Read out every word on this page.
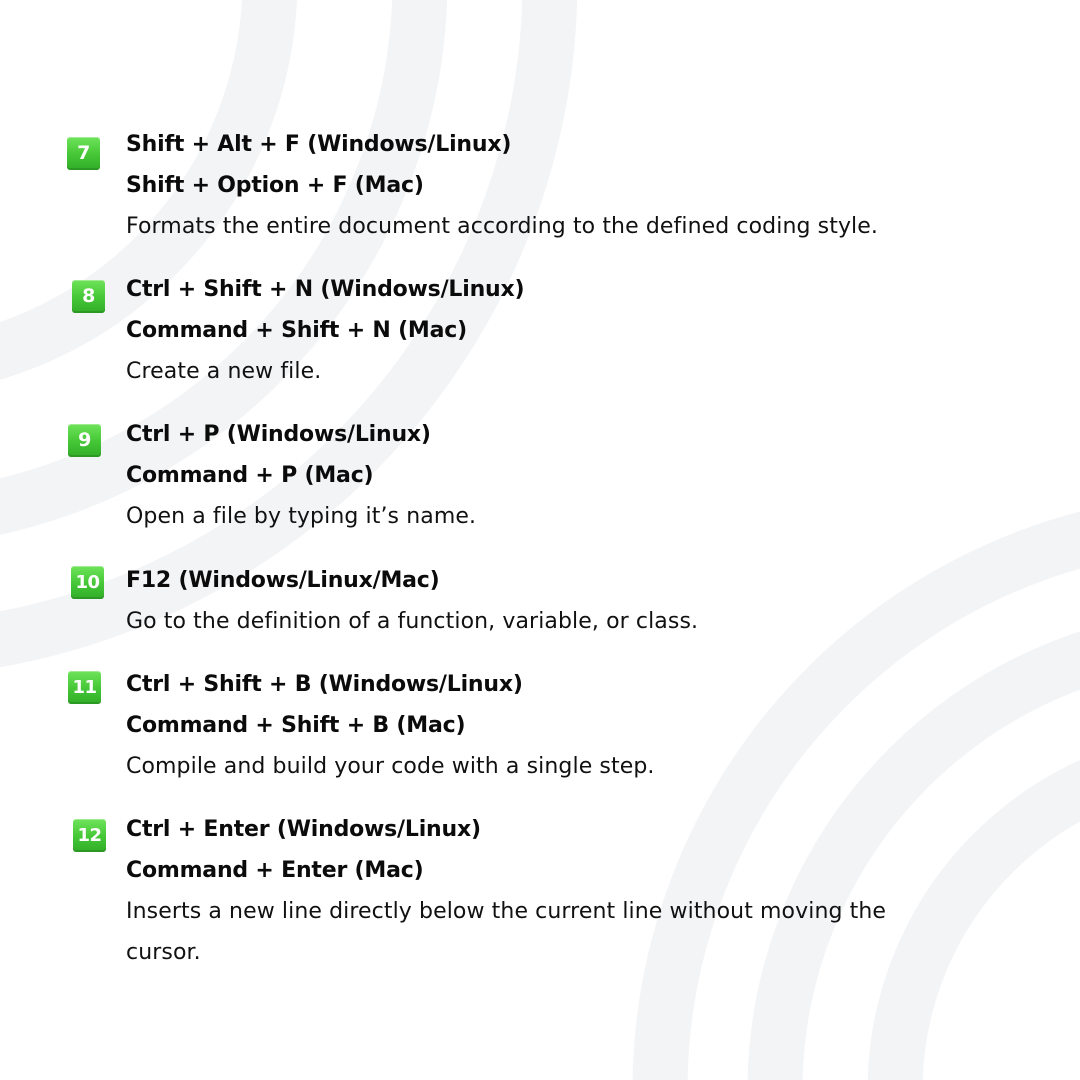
7	Shift + Alt + F (Windows/Linux)
Shift + Option + F (Mac)
Formats the entire document according to the defined coding style.
8	Ctrl + Shift + N (Windows/Linux)
Command + Shift + N (Mac)
Create a new file.
9	Ctrl + P (Windows/Linux)
Command + P (Mac)
Open a file by typing it’s name.
10 F12 (Windows/Linux/Mac)
Go to the definition of a function, variable, or class.
11 Ctrl + Shift + B (Windows/Linux)
Command + Shift + B (Mac)
Compile and build your code with a single step.
12 Ctrl + Enter (Windows/Linux)
Command + Enter (Mac)
Inserts a new line directly below the current line without moving the
cursor.
